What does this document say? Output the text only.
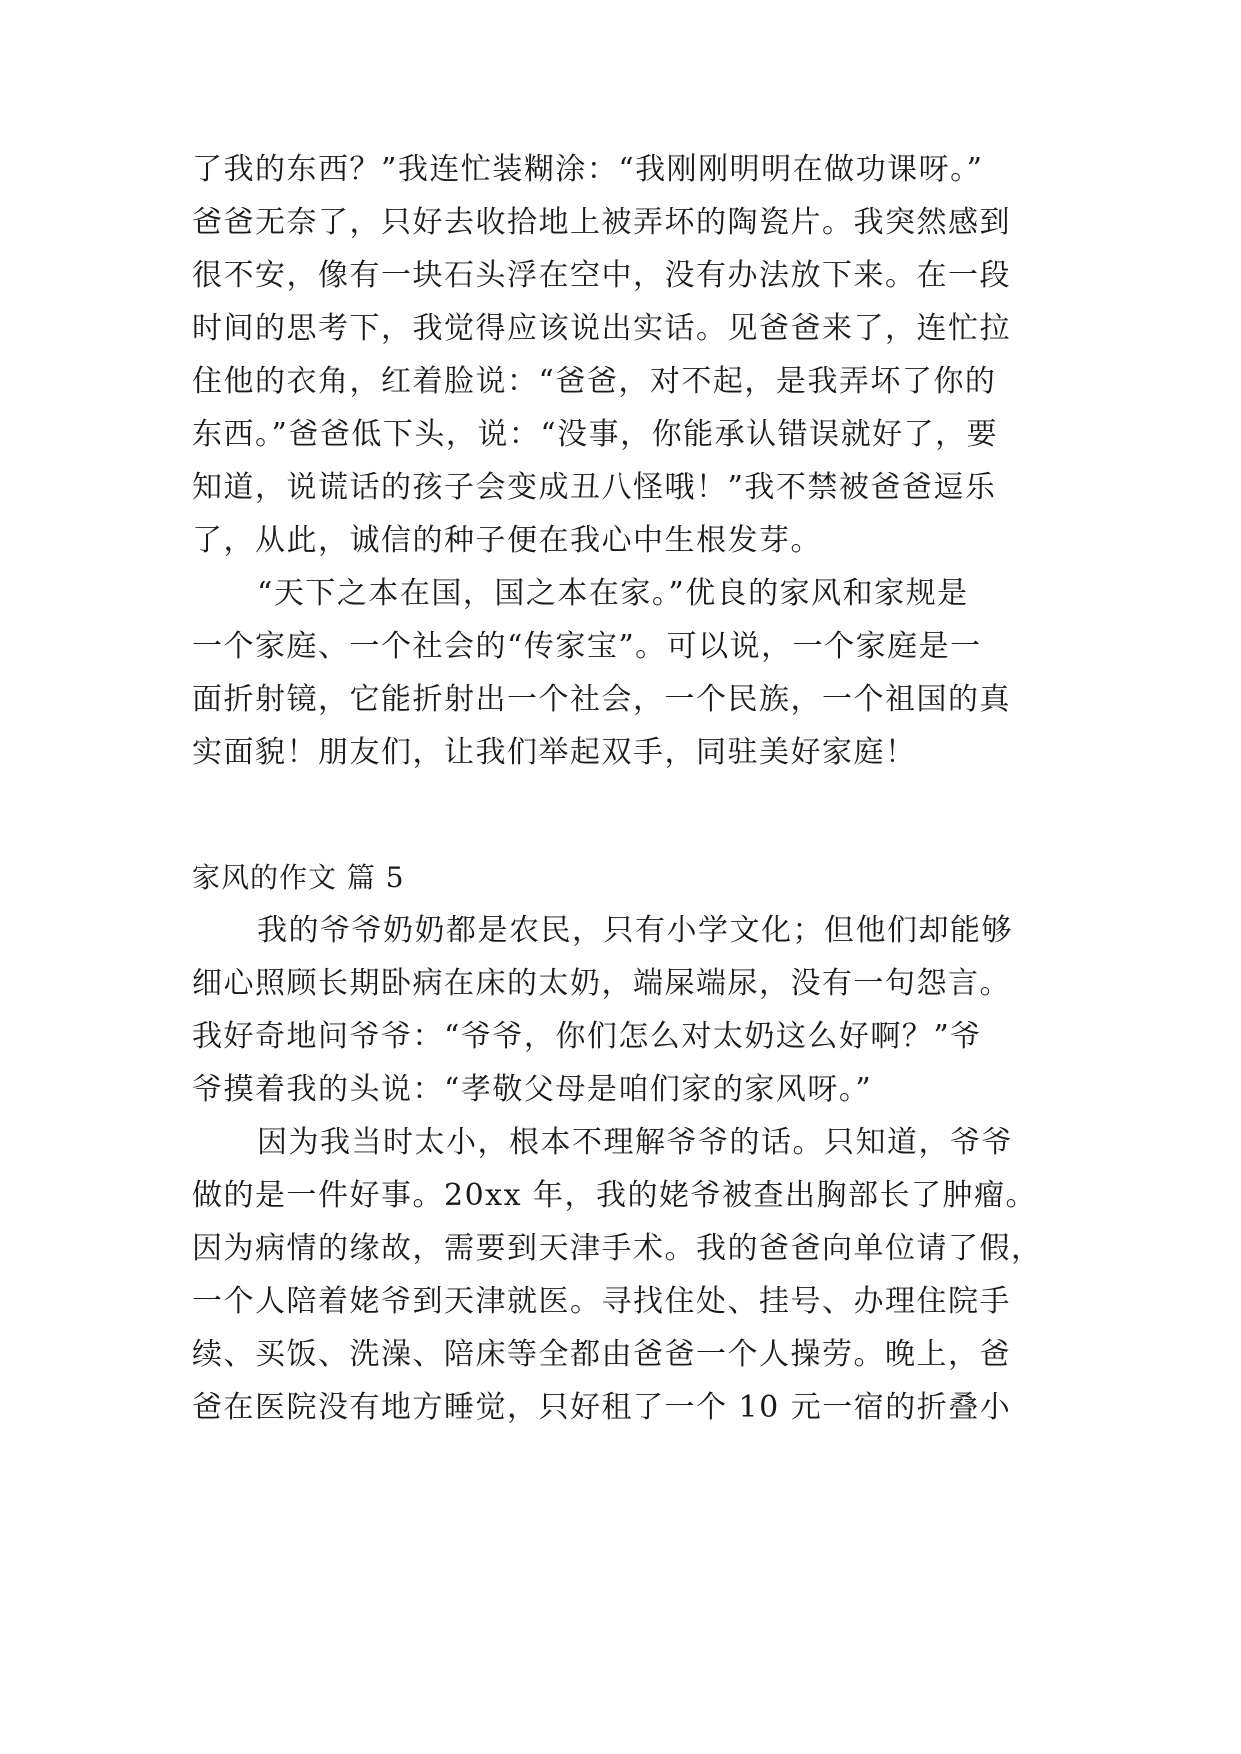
了我的东西？”我连忙装糊涂：“我刚刚明明在做功课呀。”
爸爸无奈了，只好去收拾地上被弄坏的陶瓷片。我突然感到
很不安，像有一块石头浮在空中，没有办法放下来。在一段
时间的思考下，我觉得应该说出实话。见爸爸来了，连忙拉
住他的衣角，红着脸说：“爸爸，对不起，是我弄坏了你的
东西。”爸爸低下头，说：“没事，你能承认错误就好了，要
知道，说谎话的孩子会变成丑八怪哦！”我不禁被爸爸逗乐
了，从此，诚信的种子便在我心中生根发芽。
“天下之本在国，国之本在家。”优良的家风和家规是
一个家庭、一个社会的“传家宝”。可以说，一个家庭是一
面折射镜，它能折射出一个社会，一个民族，一个祖国的真
实面貌！朋友们，让我们举起双手，同驻美好家庭！
家风的作文 篇 5
我的爷爷奶奶都是农民，只有小学文化；但他们却能够
细心照顾长期卧病在床的太奶，端屎端尿，没有一句怨言。
我好奇地问爷爷：“爷爷，你们怎么对太奶这么好啊？”爷
爷摸着我的头说：“孝敬父母是咱们家的家风呀。”
因为我当时太小，根本不理解爷爷的话。只知道，爷爷
做的是一件好事。20xx 年，我的姥爷被查出胸部长了肿瘤。
因为病情的缘故，需要到天津手术。我的爸爸向单位请了假，
一个人陪着姥爷到天津就医。寻找住处、挂号、办理住院手
续、买饭、洗澡、陪床等全都由爸爸一个人操劳。晚上，爸
爸在医院没有地方睡觉，只好租了一个 10 元一宿的折叠小
